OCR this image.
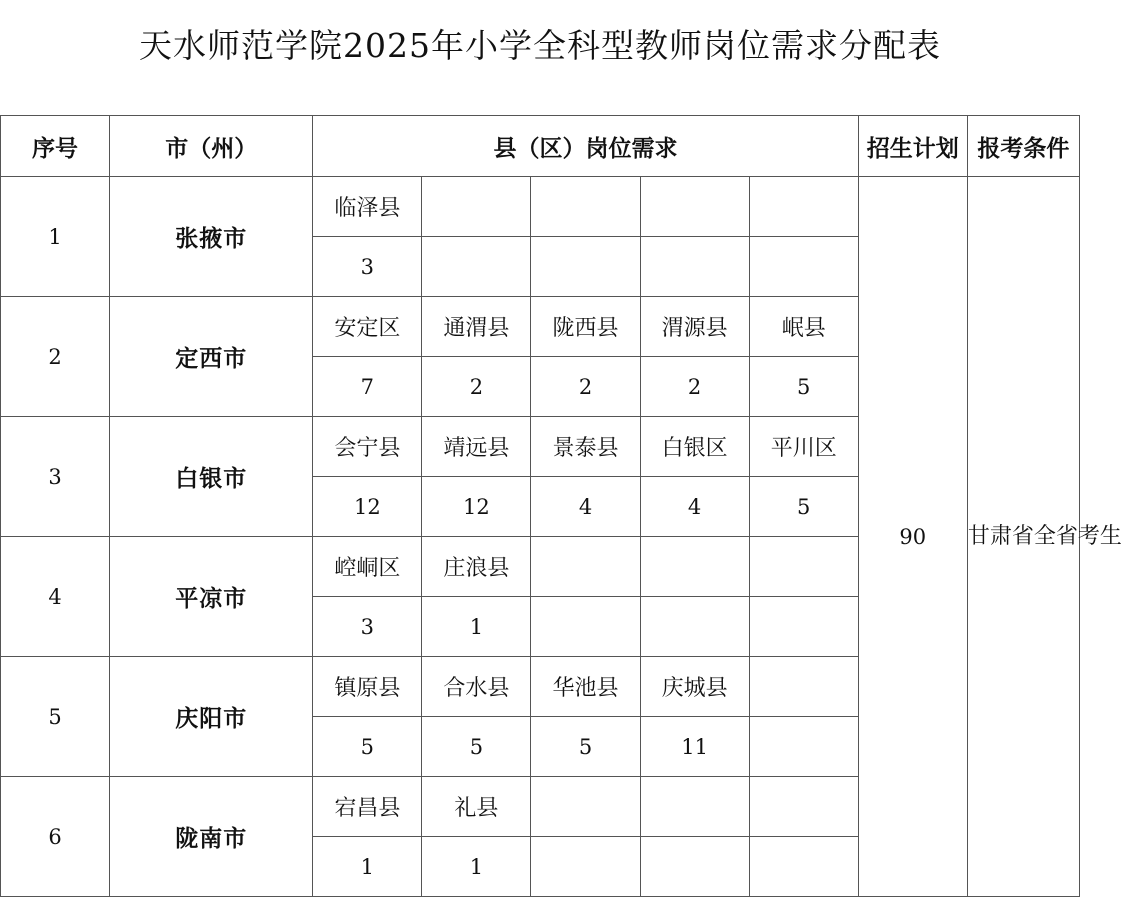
天水师范学院2025年小学全科型教师岗位需求分配表
序号	市（州）	县（区）岗位需求					招生计划	报考条件
1	张掖市	临泽县					90	甘肃省全省考生
		3						
2	定西市	安定区	通渭县	陇西县	渭源县	岷县		
		7	2	2	2	5		
3	白银市	会宁县	靖远县	景泰县	白银区	平川区		
		12	12	4	4	5		
4	平凉市	崆峒区	庄浪县					
		3	1					
5	庆阳市	镇原县	合水县	华池县	庆城县			
		5	5	5	11			
6	陇南市	宕昌县	礼县					
		1	1					
